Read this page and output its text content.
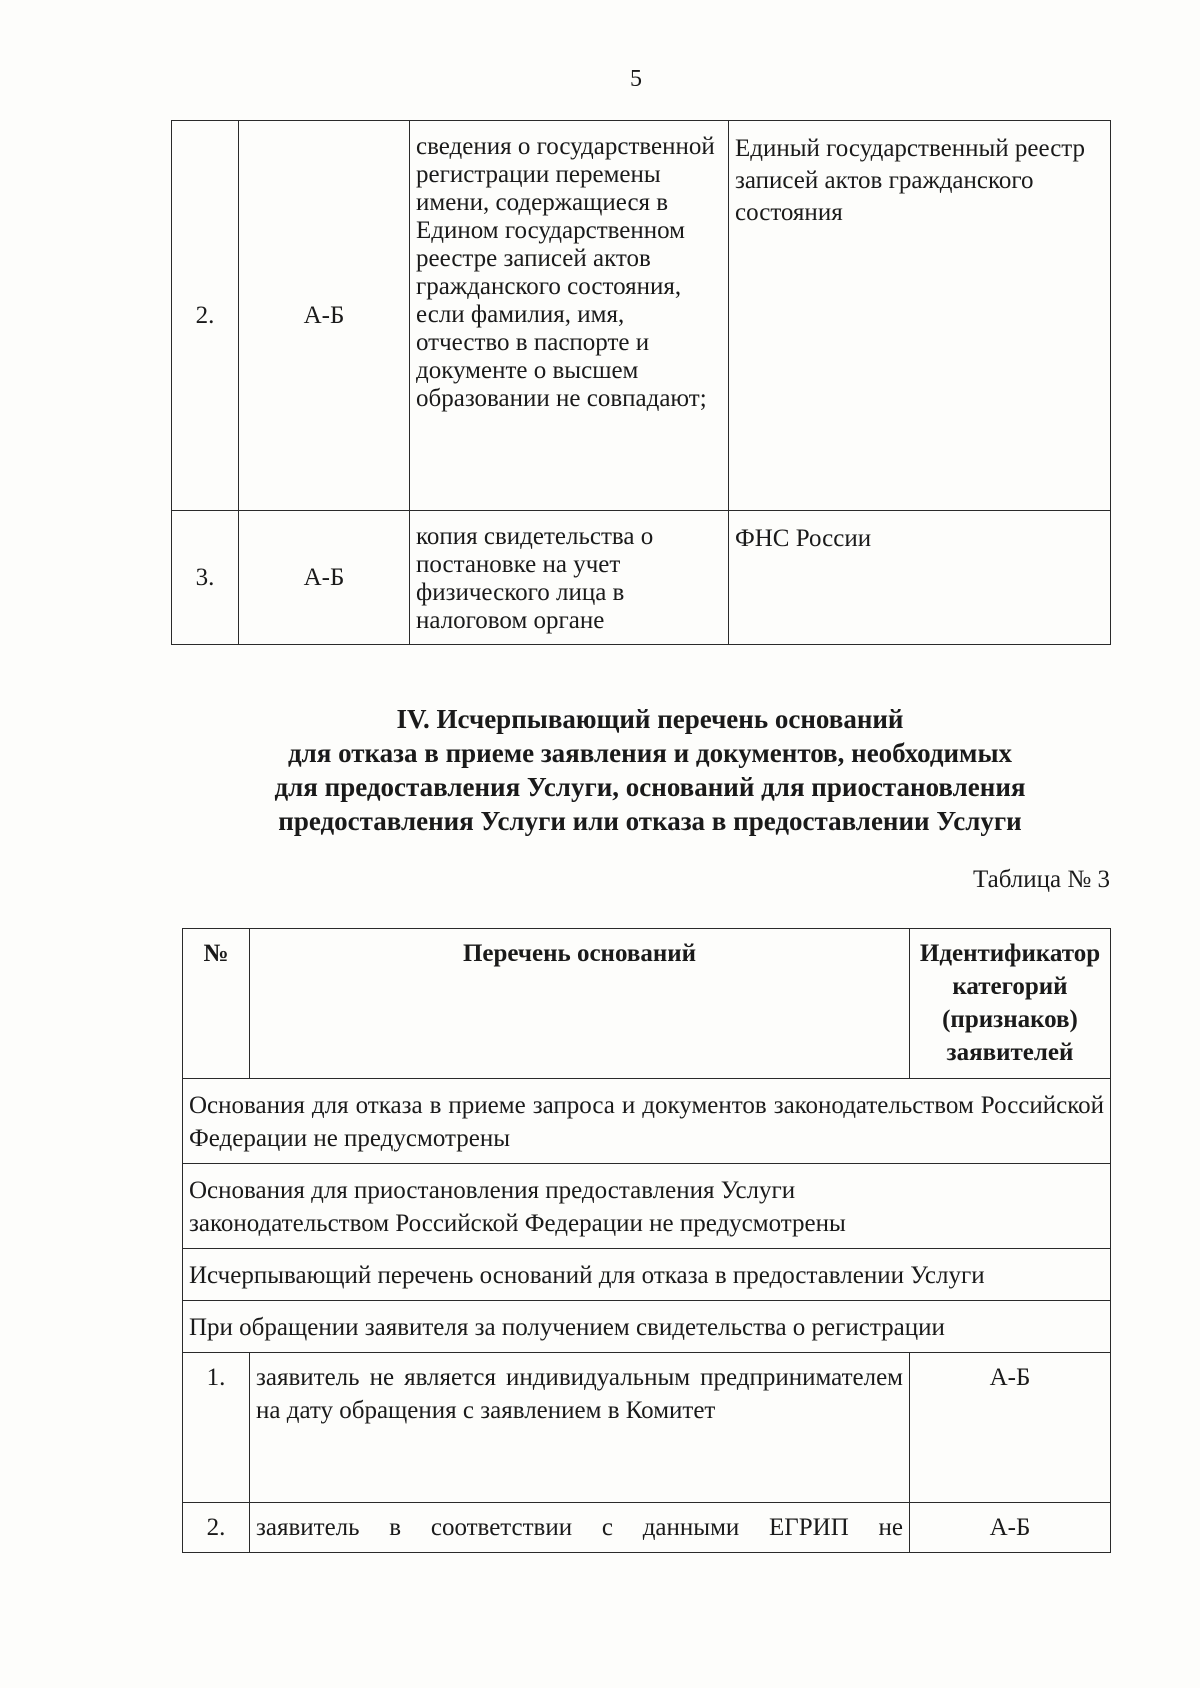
5
2.	А-Б	сведения о государственной регистрации перемены имени, содержащиеся в Едином государственном реестре записей актов гражданского состояния, если фамилия, имя, отчество в паспорте и документе о высшем образовании не совпадают;	Единый государственный реестр записей актов гражданского состояния
3.	А-Б	копия свидетельства о постановке на учет физического лица в налоговом органе	ФНС России
IV. Исчерпывающий перечень оснований
для отказа в приеме заявления и документов, необходимых
для предоставления Услуги, оснований для приостановления
предоставления Услуги или отказа в предоставлении Услуги
Таблица № 3
№	Перечень оснований	Идентификатор категорий (признаков) заявителей
Основания для отказа в приеме запроса и документов законодательством Российской Федерации не предусмотрены		
Основания для приостановления предоставления Услуги законодательством Российской Федерации не предусмотрены		
Исчерпывающий перечень оснований для отказа в предоставлении Услуги		
При обращении заявителя за получением свидетельства о регистрации		
1.	заявитель не является индивидуальным предпринимателем на дату обращения с заявлением в Комитет	А-Б
2.	заявитель в соответствии с данными ЕГРИП не	А-Б
